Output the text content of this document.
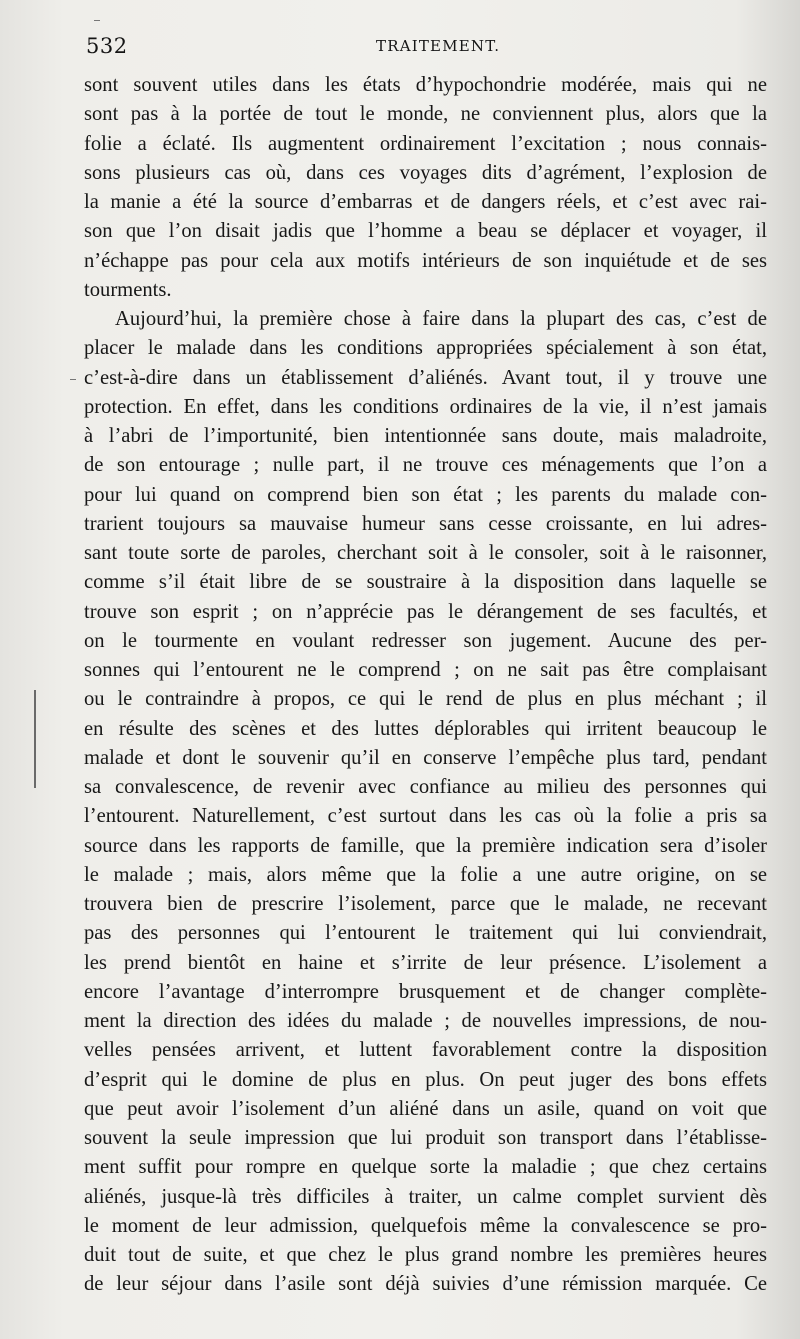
532	TRAITEMENT.
sont souvent utiles dans les états d’hypochondrie modérée, mais qui ne
sont pas à la portée de tout le monde, ne conviennent plus, alors que la
folie a éclaté. Ils augmentent ordinairement l’excitation ; nous connais-
sons plusieurs cas où, dans ces voyages dits d’agrément, l’explosion de
la manie a été la source d’embarras et de dangers réels, et c’est avec rai-
son que l’on disait jadis que l’homme a beau se déplacer et voyager, il
n’échappe pas pour cela aux motifs intérieurs de son inquiétude et de ses
tourments.
Aujourd’hui, la première chose à faire dans la plupart des cas, c’est de
placer le malade dans les conditions appropriées spécialement à son état,
c’est-à-dire dans un établissement d’aliénés. Avant tout, il y trouve une
protection. En effet, dans les conditions ordinaires de la vie, il n’est jamais
à l’abri de l’importunité, bien intentionnée sans doute, mais maladroite,
de son entourage ; nulle part, il ne trouve ces ménagements que l’on a
pour lui quand on comprend bien son état ; les parents du malade con-
trarient toujours sa mauvaise humeur sans cesse croissante, en lui adres-
sant toute sorte de paroles, cherchant soit à le consoler, soit à le raisonner,
comme s’il était libre de se soustraire à la disposition dans laquelle se
trouve son esprit ; on n’apprécie pas le dérangement de ses facultés, et
on le tourmente en voulant redresser son jugement. Aucune des per-
sonnes qui l’entourent ne le comprend ; on ne sait pas être complaisant
ou le contraindre à propos, ce qui le rend de plus en plus méchant ; il
en résulte des scènes et des luttes déplorables qui irritent beaucoup le
malade et dont le souvenir qu’il en conserve l’empêche plus tard, pendant
sa convalescence, de revenir avec confiance au milieu des personnes qui
l’entourent. Naturellement, c’est surtout dans les cas où la folie a pris sa
source dans les rapports de famille, que la première indication sera d’isoler
le malade ; mais, alors même que la folie a une autre origine, on se
trouvera bien de prescrire l’isolement, parce que le malade, ne recevant
pas des personnes qui l’entourent le traitement qui lui conviendrait,
les prend bientôt en haine et s’irrite de leur présence. L’isolement a
encore l’avantage d’interrompre brusquement et de changer complète-
ment la direction des idées du malade ; de nouvelles impressions, de nou-
velles pensées arrivent, et luttent favorablement contre la disposition
d’esprit qui le domine de plus en plus. On peut juger des bons effets
que peut avoir l’isolement d’un aliéné dans un asile, quand on voit que
souvent la seule impression que lui produit son transport dans l’établisse-
ment suffit pour rompre en quelque sorte la maladie ; que chez certains
aliénés, jusque-là très difficiles à traiter, un calme complet survient dès
le moment de leur admission, quelquefois même la convalescence se pro-
duit tout de suite, et que chez le plus grand nombre les premières heures
de leur séjour dans l’asile sont déjà suivies d’une rémission marquée. Ce
